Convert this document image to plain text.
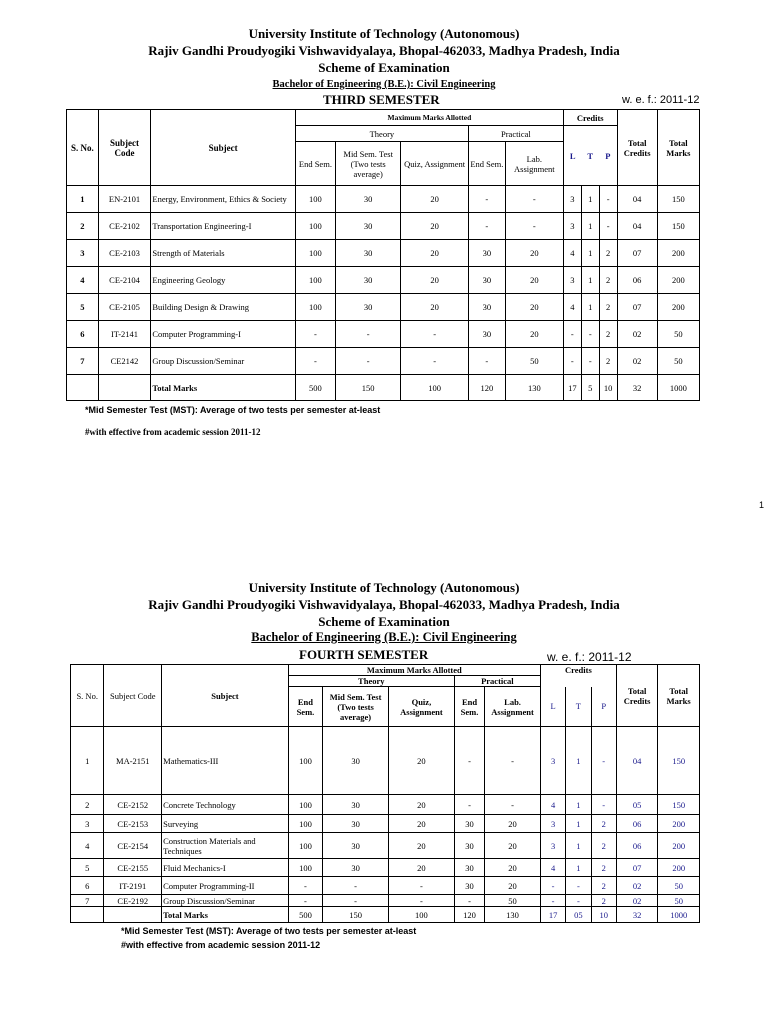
University Institute of Technology (Autonomous)
Rajiv Gandhi Proudyogiki Vishwavidyalaya, Bhopal-462033, Madhya Pradesh, India
Scheme of Examination
Bachelor of Engineering (B.E.): Civil Engineering
THIRD SEMESTER	w. e. f.: 2011-12
S. No.	Subject Code	Subject	Maximum Marks Allotted	Credits	Total Credits	Total Marks
Theory	Practical	
L	T	P

End Sem.	Mid Sem. Test (Two tests average)	Quiz, Assignment	End Sem.	Lab. Assignment
1	EN-2101	Energy, Environment, Ethics & Society	100	30	20	-	-	3	1	-	04	150
2	CE-2102	Transportation Engineering-I	100	30	20	-	-	3	1	-	04	150
3	CE-2103	Strength of Materials	100	30	20	30	20	4	1	2	07	200
4	CE-2104	Engineering Geology	100	30	20	30	20	3	1	2	06	200
5	CE-2105	Building Design & Drawing	100	30	20	30	20	4	1	2	07	200
6	IT-2141	Computer Programming-I	-	-	-	30	20	-	-	2	02	50
7	CE2142	Group Discussion/Seminar	-	-	-	-	50	-	-	2	02	50
		Total Marks	500	150	100	120	130	17	5	10	32	1000
*Mid Semester Test (MST): Average of two tests per semester at-least
#with effective from academic session 2011-12
1
University Institute of Technology (Autonomous)
Rajiv Gandhi Proudyogiki Vishwavidyalaya, Bhopal-462033, Madhya Pradesh, India
Scheme of Examination
Bachelor of Engineering (B.E.): Civil Engineering
FOURTH SEMESTER	w. e. f.: 2011-12
S. No.	Subject Code	Subject	Maximum Marks Allotted					Credits			Total Credits	Total Marks
			Theory			Practical						
			End Sem.	Mid Sem. Test (Two tests average)	Quiz, Assignment	End Sem.	Lab. Assignment	L	T	P		
1	MA-2151	Mathematics-III	100	30	20	-	-	3	1	-	04	150
2	CE-2152	Concrete Technology	100	30	20	-	-	4	1	-	05	150
3	CE-2153	Surveying	100	30	20	30	20	3	1	2	06	200
4	CE-2154	Construction Materials and Techniques	100	30	20	30	20	3	1	2	06	200
5	CE-2155	Fluid Mechanics-I	100	30	20	30	20	4	1	2	07	200
6	IT-2191	Computer Programming-II	-	-	-	30	20	-	-	2	02	50
7	CE-2192	Group Discussion/Seminar	-	-	-	-	50	-	-	2	02	50
		Total Marks	500	150	100	120	130	17	05	10	32	1000
*Mid Semester Test (MST): Average of two tests per semester at-least
#with effective from academic session 2011-12
